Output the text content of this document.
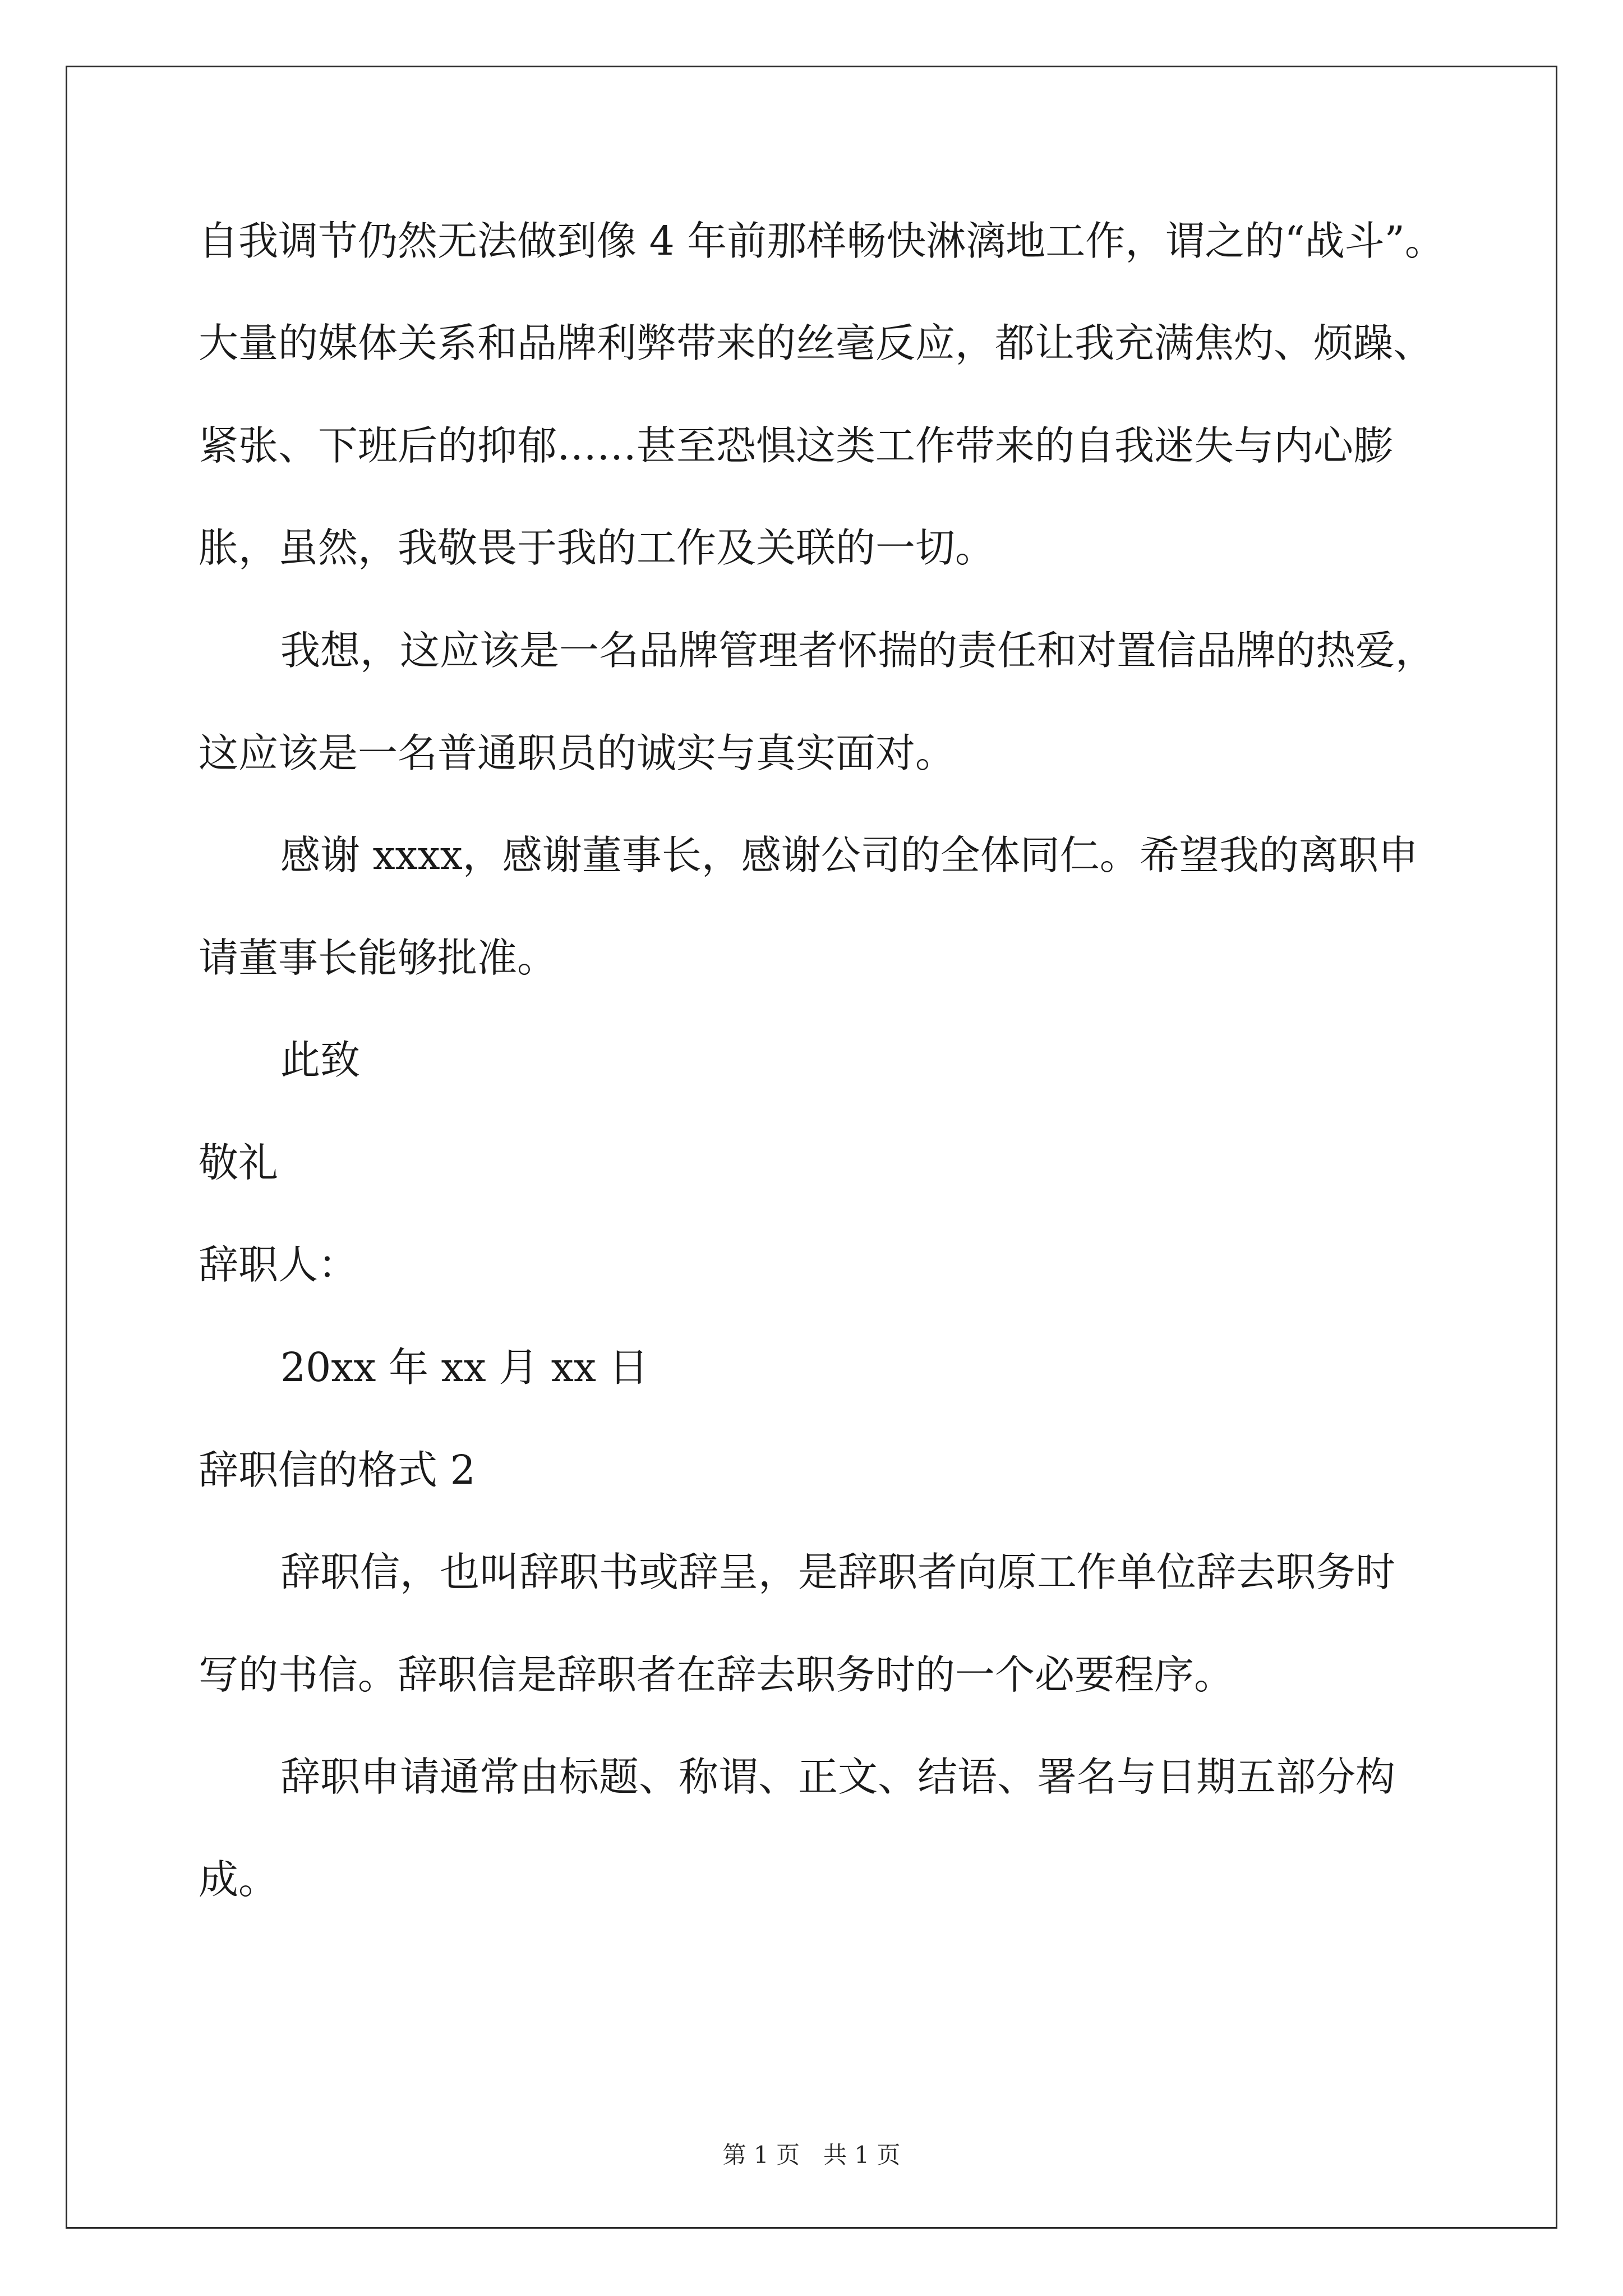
自我调节仍然无法做到像 4 年前那样畅快淋漓地工作，谓之的“战斗”。
大量的媒体关系和品牌利弊带来的丝毫反应，都让我充满焦灼、烦躁、
紧张、下班后的抑郁……甚至恐惧这类工作带来的自我迷失与内心膨
胀，虽然，我敬畏于我的工作及关联的一切。
我想，这应该是一名品牌管理者怀揣的责任和对置信品牌的热爱，
这应该是一名普通职员的诚实与真实面对。
感谢 xxxx，感谢董事长，感谢公司的全体同仁。希望我的离职申
请董事长能够批准。
此致
敬礼
辞职人：
20xx 年 xx 月 xx 日
辞职信的格式 2
辞职信，也叫辞职书或辞呈，是辞职者向原工作单位辞去职务时
写的书信。辞职信是辞职者在辞去职务时的一个必要程序。
辞职申请通常由标题、称谓、正文、结语、署名与日期五部分构
成。
第 1 页　共 1 页
